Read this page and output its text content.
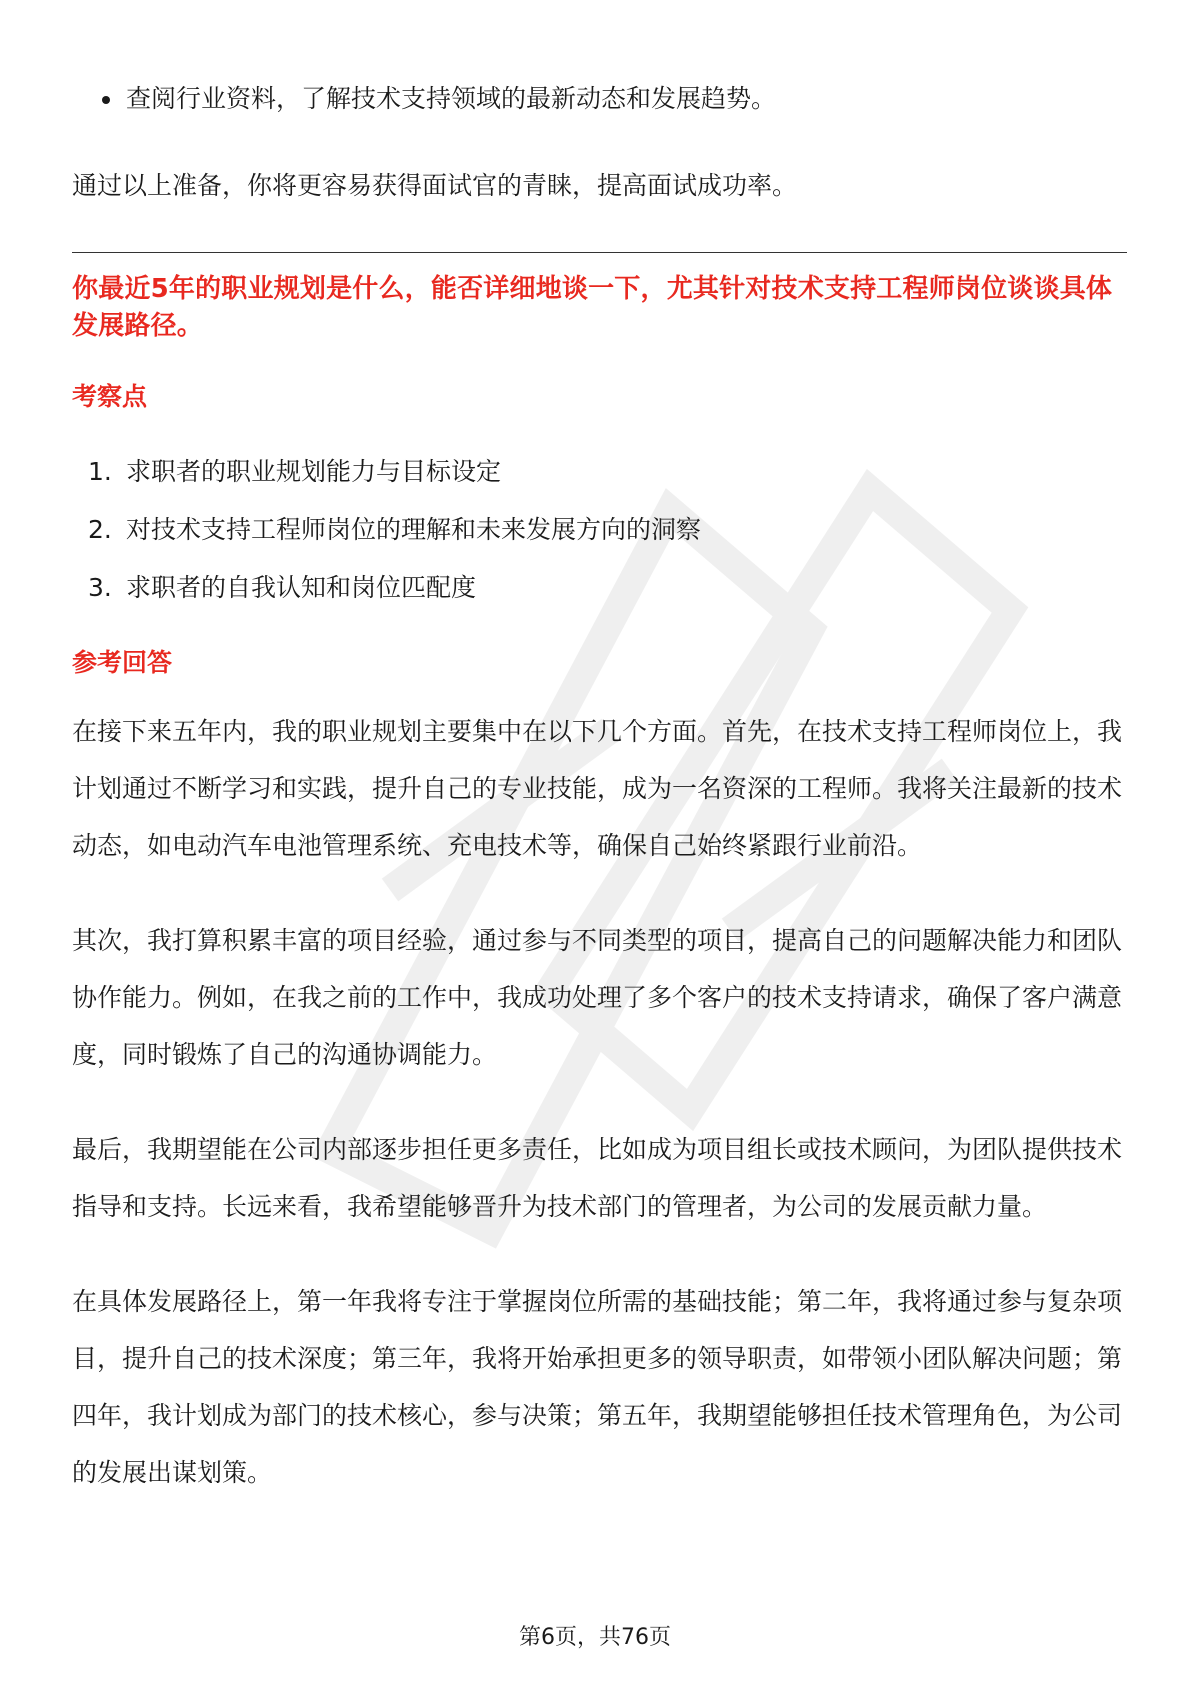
查阅行业资料，了解技术支持领域的最新动态和发展趋势。

通过以上准备，你将更容易获得面试官的青睐，提高面试成功率。

你最近5年的职业规划是什么，能否详细地谈一下，尤其针对技术支持工程师岗位谈谈具体发展路径。
考察点
1. 求职者的职业规划能力与目标设定
2. 对技术支持工程师岗位的理解和未来发展方向的洞察
3. 求职者的自我认知和岗位匹配度
参考回答

在接下来五年内，我的职业规划主要集中在以下几个方面。首先，在技术支持工程师岗位上，我计划通过不断学习和实践，提升自己的专业技能，成为一名资深的工程师。我将关注最新的技术动态，如电动汽车电池管理系统、充电技术等，确保自己始终紧跟行业前沿。

其次，我打算积累丰富的项目经验，通过参与不同类型的项目，提高自己的问题解决能力和团队协作能力。例如，在我之前的工作中，我成功处理了多个客户的技术支持请求，确保了客户满意度，同时锻炼了自己的沟通协调能力。

最后，我期望能在公司内部逐步担任更多责任，比如成为项目组长或技术顾问，为团队提供技术指导和支持。长远来看，我希望能够晋升为技术部门的管理者，为公司的发展贡献力量。

在具体发展路径上，第一年我将专注于掌握岗位所需的基础技能；第二年，我将通过参与复杂项目，提升自己的技术深度；第三年，我将开始承担更多的领导职责，如带领小团队解决问题；第四年，我计划成为部门的技术核心，参与决策；第五年，我期望能够担任技术管理角色，为公司的发展出谋划策。

第6页，共76页
